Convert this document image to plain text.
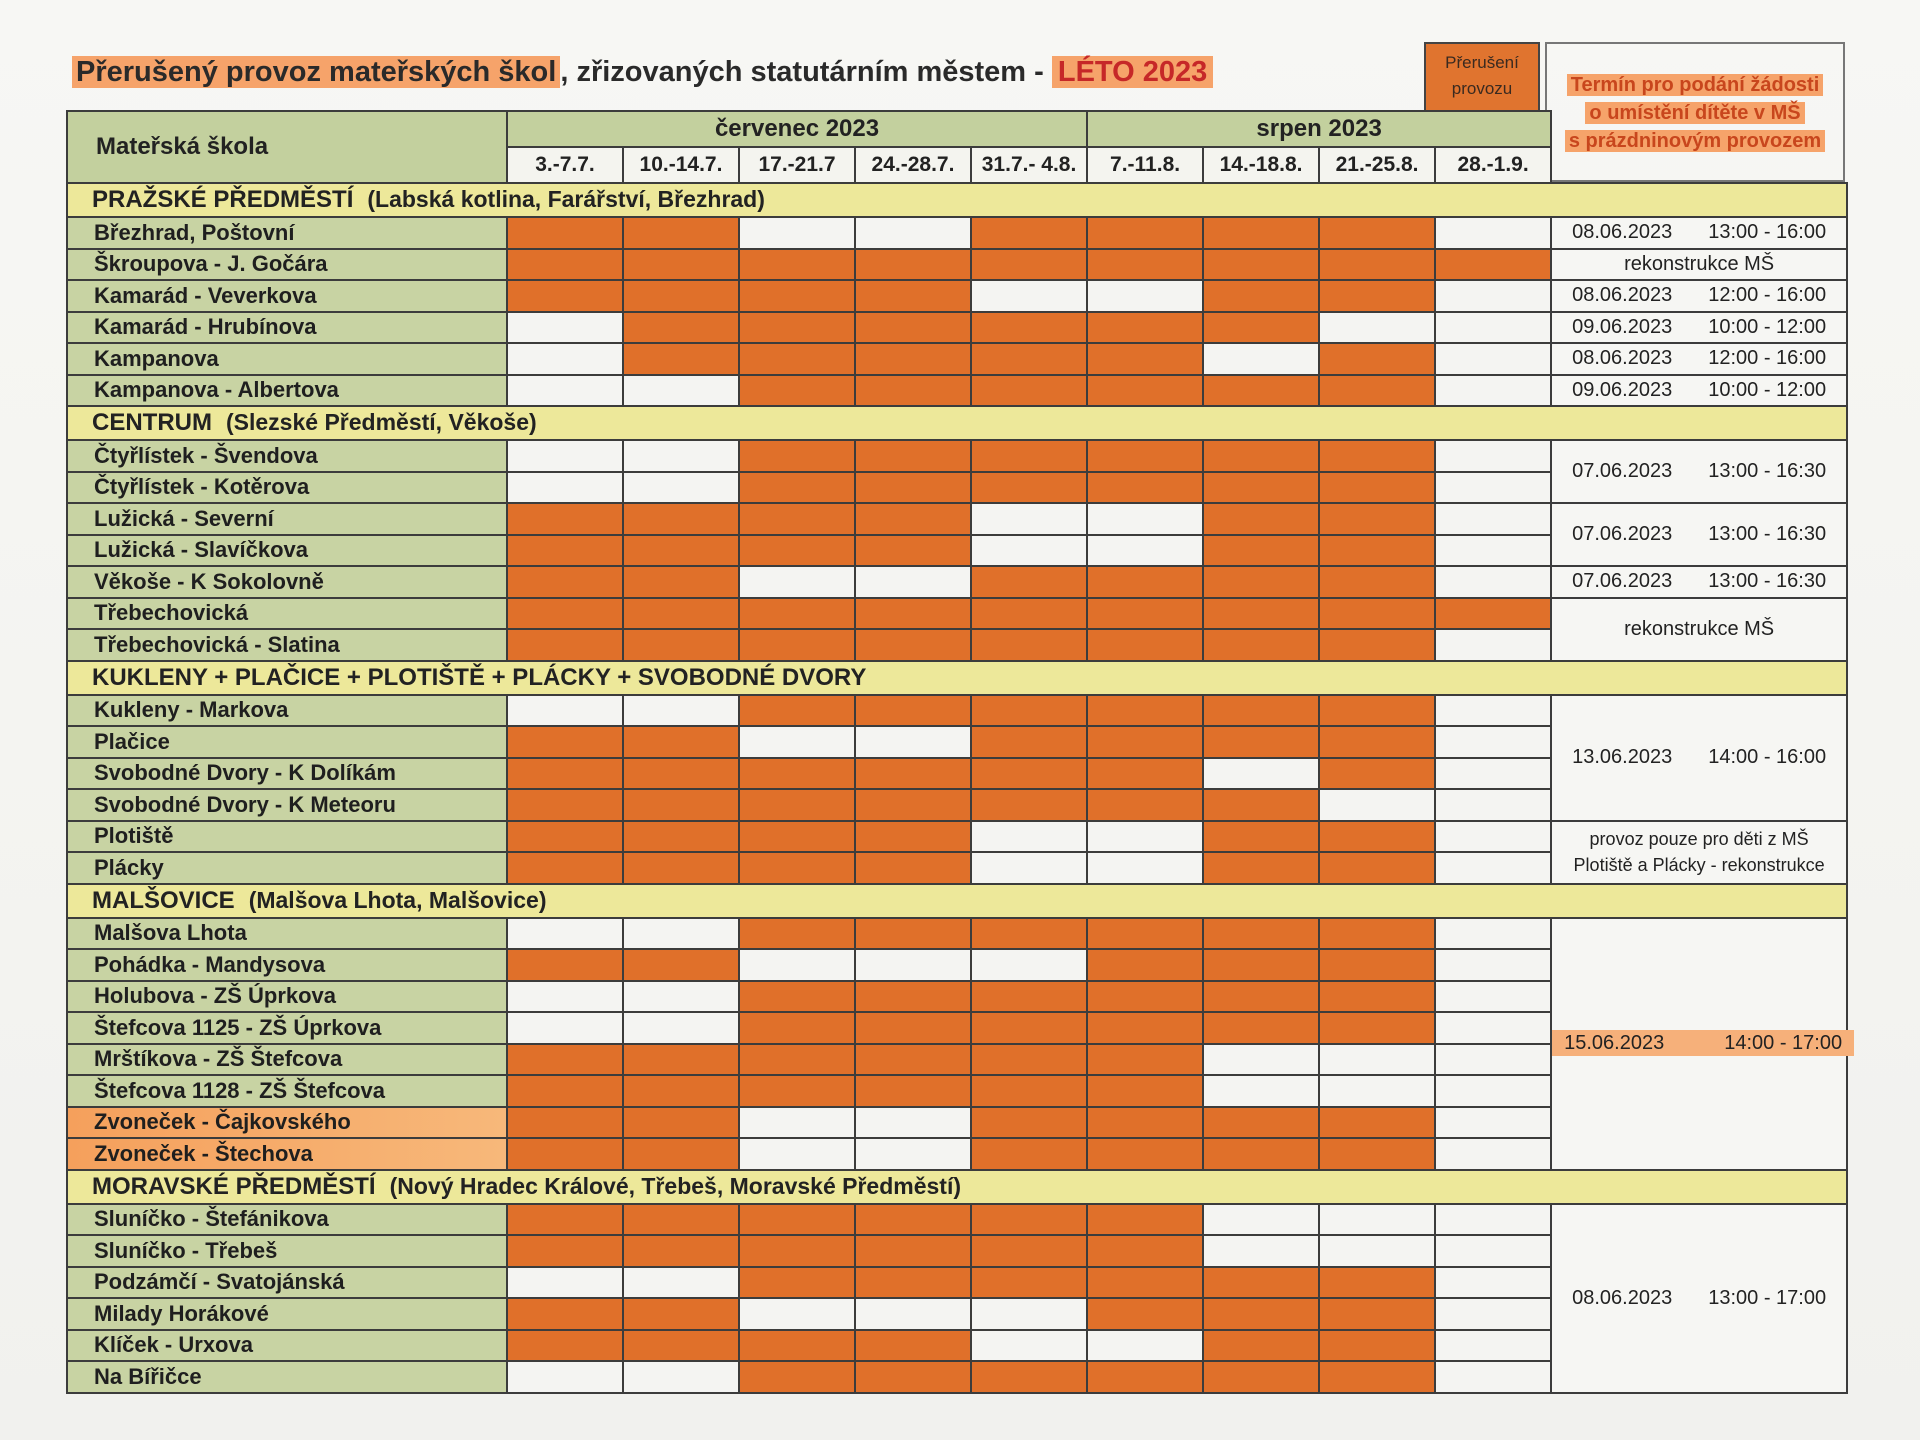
Přerušený provoz mateřských škol , zřizovaných statutárním městem - LÉTO 2023	Přerušení
provozu	Termín pro podání žádosti
o umístění dítěte v MŠ
s prázdninovým provozem
Mateřská škola	červenec 2023					srpen 2023				
	3.-7.7.	10.-14.7.	17.-21.7	24.-28.7.	31.7.- 4.8.	7.-11.8.	14.-18.8.	21.-25.8.	28.-1.9.	
PRAŽSKÉ PŘEDMĚSTÍ (Labská kotlina, Farářství, Březhrad)										
Březhrad, Poštovní										08.06.2023 13:00 - 16:00
Škroupova - J. Gočára										rekonstrukce MŠ
Kamarád - Veverkova										08.06.2023 12:00 - 16:00
Kamarád - Hrubínova										09.06.2023 10:00 - 12:00
Kampanova										08.06.2023 12:00 - 16:00
Kampanova - Albertova										09.06.2023 10:00 - 12:00
CENTRUM (Slezské Předměstí, Věkoše)										
Čtyřlístek - Švendova										07.06.2023 13:00 - 16:30
Čtyřlístek - Kotěrova										
Lužická - Severní										07.06.2023 13:00 - 16:30
Lužická - Slavíčkova										
Věkoše - K Sokolovně										07.06.2023 13:00 - 16:30
Třebechovická										rekonstrukce MŠ
Třebechovická - Slatina										
KUKLENY + PLAČICE + PLOTIŠTĚ + PLÁCKY + SVOBODNÉ DVORY										
Kukleny - Markova										13.06.2023 14:00 - 16:00
Plačice										
Svobodné Dvory - K Dolíkám										
Svobodné Dvory - K Meteoru										
Plotiště										provoz pouze pro děti z MŠ
Plotiště a Plácky - rekonstrukce

Plácky										
MALŠOVICE (Malšova Lhota, Malšovice)										
Malšova Lhota										15.06.2023 14:00 - 17:00
Pohádka - Mandysova										
Holubova - ZŠ Úprkova										
Štefcova 1125 - ZŠ Úprkova										
Mrštíkova - ZŠ Štefcova										
Štefcova 1128 - ZŠ Štefcova										
Zvoneček - Čajkovského										
Zvoneček - Štechova										
MORAVSKÉ PŘEDMĚSTÍ (Nový Hradec Králové, Třebeš, Moravské Předměstí)										
Sluníčko - Štefánikova										08.06.2023 13:00 - 17:00
Sluníčko - Třebeš										
Podzámčí - Svatojánská										
Milady Horákové										
Klíček - Urxova										
Na Bířičce										
